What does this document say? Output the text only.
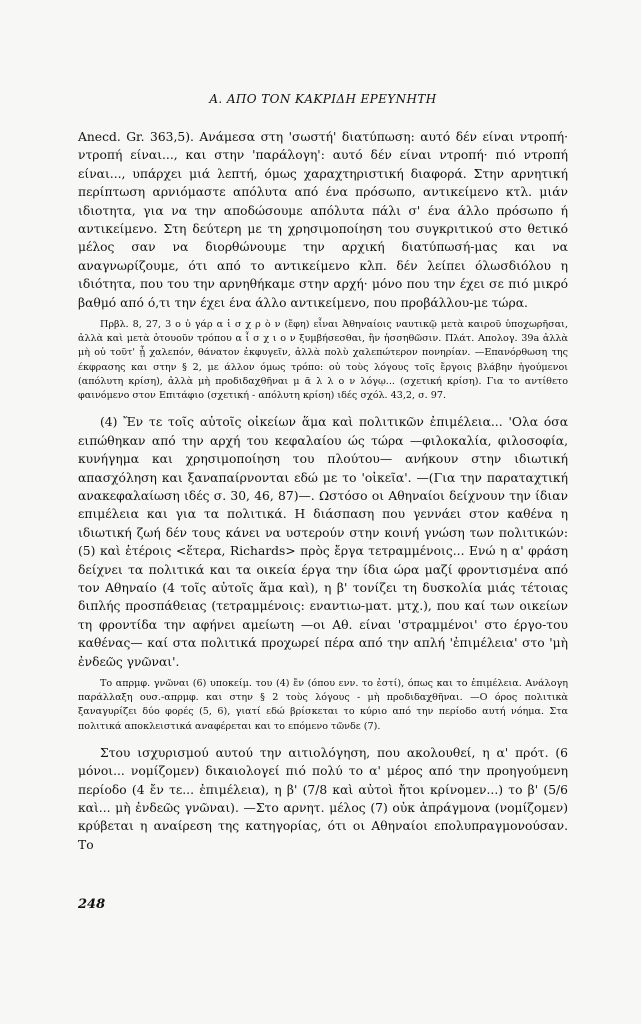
Α. ΑΠΟ ΤΟΝ ΚΑΚΡΙΔΗ ΕΡΕΥΝΗΤΗ

Anecd. Gr. 363,5). Ανάμεσα στη 'σωστή' διατύπωση: αυτό δέν είναι ντροπή· ντροπή είναι..., και στην 'παράλογη': αυτό δέν είναι ντροπή· πιό ντροπή είναι..., υπάρχει μιά λεπτή, όμως χαραχτηριστική διαφορά. Στην αρνητική περίπτωση αρνιόμαστε απόλυτα από ένα πρόσωπο, αντικείμενο κτλ. μιάν ιδιοτητα, για να την αποδώσουμε απόλυτα πάλι σ' ένα άλλο πρόσωπο ή αντικείμενο. Στη δεύτερη με τη χρησιμοποίηση του συγκριτικού στο θετικό μέλος σαν να διορθώνουμε την αρχική διατύπωσή-μας και να αναγνωρίζουμε, ότι από το αντικείμενο κλπ. δέν λείπει όλωσδιόλου η ιδιότητα, που του την αρνηθήκαμε στην αρχή· μόνο που την έχει σε πιό μικρό βαθμό από ό,τι την έχει ένα άλλο αντικείμενο, που προβάλλου-με τώρα.

Πρβλ. 8, 27, 3 ο ὐ γάρ α ἰ σ χ ρ ὸ ν (ἔφη) εἶναι Ἀθηναίοις ναυτικῷ μετὰ καιροῦ ὑποχωρῆσαι, ἀλλὰ καὶ μετὰ ὁτουοῦν τρόπου α ἶ σ χ ι ο ν ξυμβήσεσθαι, ἢν ἡσσηθῶσιν. Πλάτ. Απολογ. 39a ἀλλὰ μὴ οὐ τοῦτ' ᾖ χαλεπόν, θάνατον ἐκφυγεῖν, ἀλλὰ πολὺ χαλεπώτερον πονηρίαν. —Επανόρθωση της έκφρασης και στην § 2, με άλλον όμως τρόπο: οὐ τοὺς λόγους τοῖς ἔργοις βλάβην ἡγούμενοι (απόλυτη κρίση), ἀλλὰ μὴ προδιδαχθῆναι μ ᾶ λ λ ο ν λόγῳ... (σχετική κρίση). Για το αντίθετο φαινόμενο στον Επιτάφιο (σχετική - απόλυτη κρίση) ιδές σχόλ. 43,2, σ. 97.

(4) Ἔν τε τοῖς αὐτοῖς οἰκείων ἅμα καὶ πολιτικῶν ἐπιμέλεια... 'Ολα όσα ειπώθηκαν από την αρχή του κεφαλαίου ώς τώρα —φιλοκαλία, φιλοσοφία, κυνήγημα και χρησιμοποίηση του πλούτου— ανήκουν στην ιδιωτική απασχόληση και ξαναπαίρνονται εδώ με το 'οἰκεῖα'. —(Για την παραταχτική ανακεφαλαίωση ιδές σ. 30, 46, 87)—. Ωστόσο οι Αθηναίοι δείχνουν την ίδιαν επιμέλεια και για τα πολιτικά. Η διάσπαση που γεννάει στον καθένα η ιδιωτική ζωή δέν τους κάνει να υστερούν στην κοινή γνώση των πολιτικών: (5) καὶ ἑτέροις <ἕτερα, Richards> πρὸς ἔργα τετραμμένοις... Ενώ η α' φράση δείχνει τα πολιτικά και τα οικεία έργα την ίδια ώρα μαζί φροντισμένα από τον Αθηναίο (4 τοῖς αὐτοῖς ἅμα καὶ), η β' τονίζει τη δυσκολία μιάς τέτοιας διπλής προσπάθειας (τετραμμένοις: εναντιω-ματ. μτχ.), που καί των οικείων τη φροντίδα την αφήνει αμείωτη —οι Αθ. είναι 'στραμμένοι' στο έργο-του καθένας— καί στα πολιτικά προχωρεί πέρα από την απλή 'ἐπιμέλεια' στο 'μὴ ἐνδεῶς γνῶναι'.

Το απρμφ. γνῶναι (6) υποκείμ. του (4) ἔν (όπου ενν. το ἐστί), όπως και το ἐπιμέλεια. Ανάλογη παράλλαξη ουσ.-απρμφ. και στην § 2 τοὺς λόγους - μὴ προδιδαχθῆναι. —Ο όρος πολιτικὰ ξαναγυρίζει δύο φορές (5, 6), γιατί εδώ βρίσκεται το κύριο από την περίοδο αυτή νόημα. Στα πολιτικά αποκλειστικά αναφέρεται και το επόμενο τῶνδε (7).

Στου ισχυρισμού αυτού την αιτιολόγηση, που ακολουθεί, η α' πρότ. (6 μόνοι... νομίζομεν) δικαιολογεί πιό πολύ το α' μέρος από την προηγούμενη περίοδο (4 ἔν τε... ἐπιμέλεια), η β' (7/8 καὶ αὐτοὶ ἤτοι κρίνομεν...) το β' (5/6 καὶ... μὴ ἐνδεῶς γνῶναι). —Στο αρνητ. μέλος (7) οὐκ ἀπράγμονα (νομίζομεν) κρύβεται η αναίρεση της κατηγορίας, ότι οι Αθηναίοι επολυπραγμονούσαν. Το

248
